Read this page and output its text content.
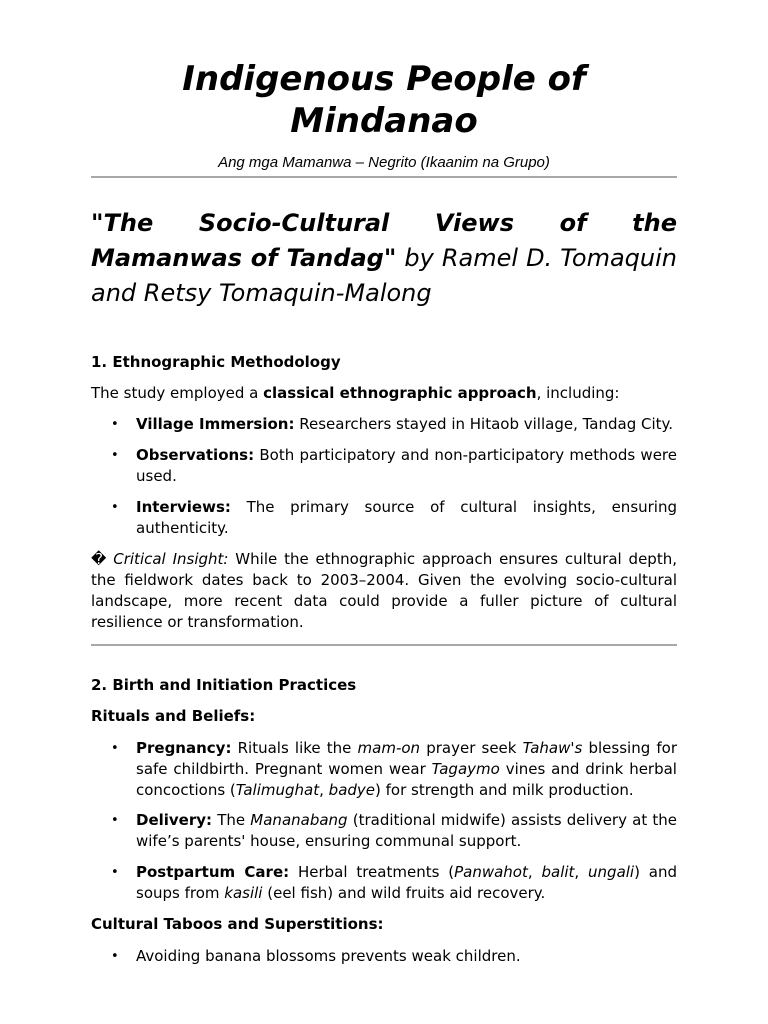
Indigenous People of Mindanao
Ang mga Mamanwa – Negrito (Ikaanim na Grupo)
"The Socio-Cultural Views of the Mamanwas of Tandag" by Ramel D. Tomaquin and Retsy Tomaquin-Malong
1. Ethnographic Methodology
The study employed a classical ethnographic approach, including:
• Village Immersion: Researchers stayed in Hitaob village, Tandag City.
• Observations: Both participatory and non-participatory methods were used.
• Interviews: The primary source of cultural insights, ensuring authenticity.
� Critical Insight: While the ethnographic approach ensures cultural depth, the fieldwork dates back to 2003–2004. Given the evolving socio-cultural landscape, more recent data could provide a fuller picture of cultural resilience or transformation.
2. Birth and Initiation Practices
Rituals and Beliefs:
• Pregnancy: Rituals like the mam-on prayer seek Tahaw's blessing for safe childbirth. Pregnant women wear Tagaymo vines and drink herbal concoctions (Talimughat, badye) for strength and milk production.
• Delivery: The Mananabang (traditional midwife) assists delivery at the wife’s parents' house, ensuring communal support.
• Postpartum Care: Herbal treatments (Panwahot, balit, ungali) and soups from kasili (eel fish) and wild fruits aid recovery.
Cultural Taboos and Superstitions:
• Avoiding banana blossoms prevents weak children.
